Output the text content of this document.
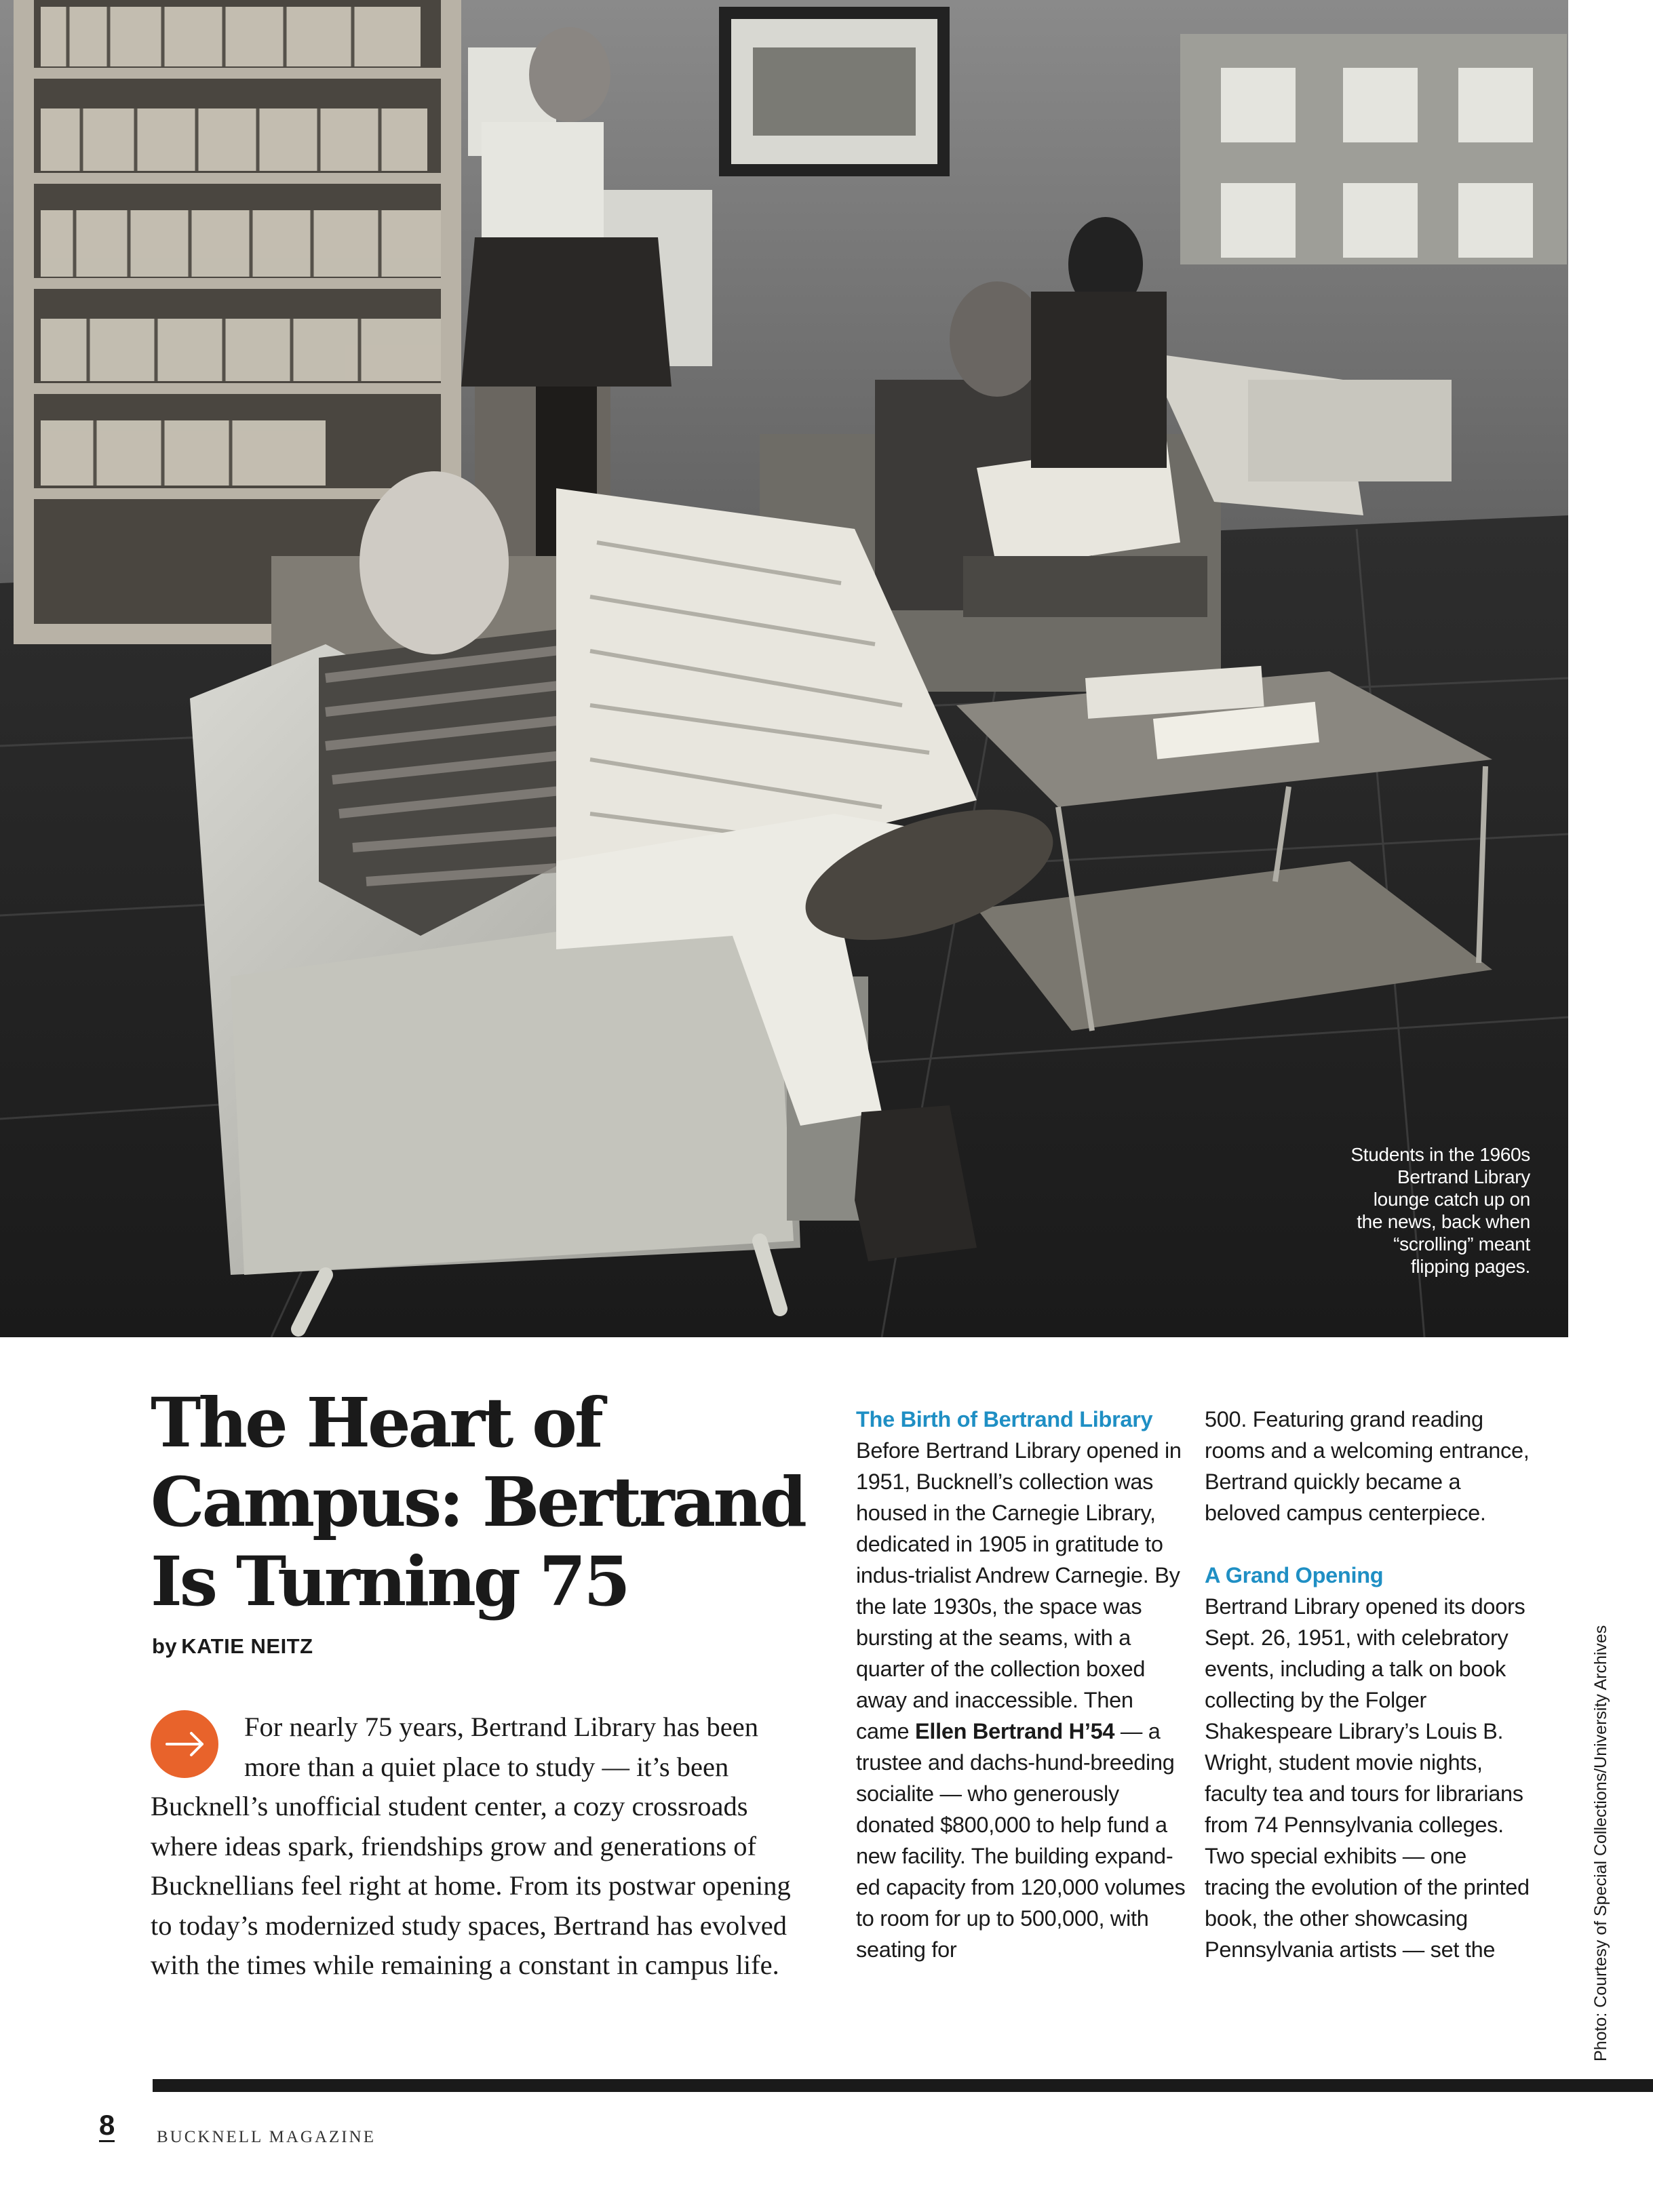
Students in the 1960s
Bertrand Library
lounge catch up on
the news, back when
“scrolling” meant
flipping pages.
The Heart of
Campus: Bertrand
Is Turning 75
by KATIE NEITZ

For nearly 75 years, Bertrand Library has been more than a quiet place to study — it’s been Bucknell’s unofficial student center, a cozy crossroads where ideas spark, friendships grow and generations of Bucknellians feel right at home. From its postwar opening to today’s modernized study spaces, Bertrand has evolved with the times while remaining a constant in campus life.

The Birth of Bertrand Library

Before Bertrand Library opened in 1951, Bucknell’s collection was housed in the Carnegie Library, dedicated in 1905 in gratitude to indus-trialist Andrew Carnegie. By the late 1930s, the space was bursting at the seams, with a quarter of the collection boxed away and inaccessible. Then came Ellen Bertrand H’54 — a trustee and dachs-hund-breeding socialite — who generously donated $800,000 to help fund a new facility. The building expand-ed capacity from 120,000 volumes to room for up to 500,000, with seating for

500. Featuring grand reading rooms and a welcoming entrance, Bertrand quickly became a beloved campus centerpiece.

A Grand Opening

Bertrand Library opened its doors Sept. 26, 1951, with celebratory events, including a talk on book collecting by the Folger Shakespeare Library’s Louis B. Wright, student movie nights, faculty tea and tours for librarians from 74 Pennsylvania colleges. Two special exhibits — one tracing the evolution of the printed book, the other showcasing Pennsylvania artists — set the	Photo: Courtesy of Special Collections/University Archives
8 BUCKNELL MAGAZINE
